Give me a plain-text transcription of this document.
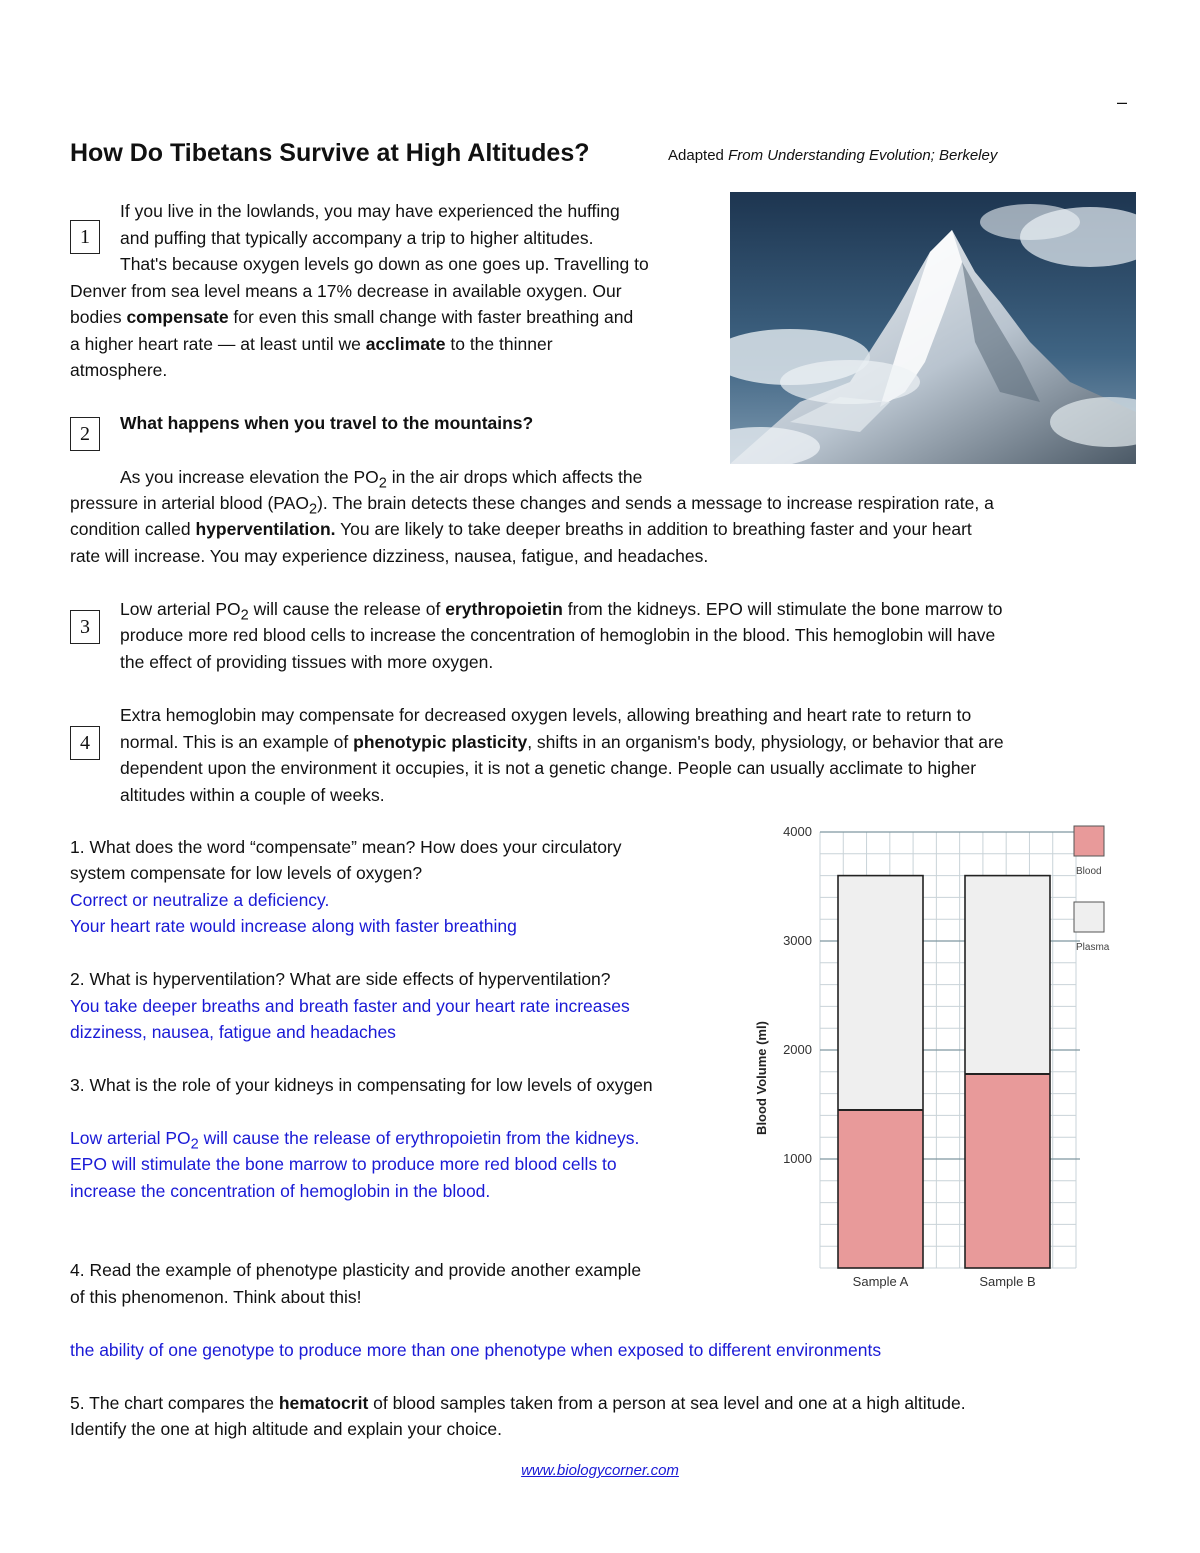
–
How Do Tibetans Survive at High Altitudes?	Adapted From Understanding Evolution; Berkeley
1

If you live in the lowlands, you may have experienced the huffing

and puffing that typically accompany a trip to higher altitudes.

That's because oxygen levels go down as one goes up. Travelling to

Denver from sea level means a 17% decrease in available oxygen. Our

bodies compensate for even this small change with faster breathing and

a higher heart rate — at least until we acclimate to the thinner

atmosphere.

2	What happens when you travel to the mountains?

As you increase elevation the $PO_2$ in the air drops which affects the

pressure in arterial blood $(PAO_2)$. The brain detects these changes and sends a message to increase respiration rate, a

condition called hyperventilation. You are likely to take deeper breaths in addition to breathing faster and your heart

rate will increase. You may experience dizziness, nausea, fatigue, and headaches.

3

Low arterial $PO_2$ will cause the release of erythropoietin from the kidneys. EPO will stimulate the bone marrow to

produce more red blood cells to increase the concentration of hemoglobin in the blood. This hemoglobin will have

the effect of providing tissues with more oxygen.

4

Extra hemoglobin may compensate for decreased oxygen levels, allowing breathing and heart rate to return to

normal. This is an example of phenotypic plasticity, shifts in an organism's body, physiology, or behavior that are

dependent upon the environment it occupies, it is not a genetic change. People can usually acclimate to higher

altitudes within a couple of weeks.

1. What does the word “compensate” mean? How does your circulatory

system compensate for low levels of oxygen?

Correct or neutralize a deficiency.

Your heart rate would increase along with faster breathing

2. What is hyperventilation? What are side effects of hyperventilation?

You take deeper breaths and breath faster and your heart rate increases

dizziness, nausea, fatigue and headaches

3. What is the role of your kidneys in compensating for low levels of oxygen

Low arterial $PO_2$ will cause the release of erythropoietin from the kidneys.

EPO will stimulate the bone marrow to produce more red blood cells to

increase the concentration of hemoglobin in the blood.

4. Read the example of phenotype plasticity and provide another example

of this phenomenon. Think about this!

the ability of one genotype to produce more than one phenotype when exposed to different environments

5. The chart compares the hematocrit of blood samples taken from a person at sea level and one at a high altitude.

Identify the one at high altitude and explain your choice.

Sample A	Sample B
1000
2000
3000
4000
Blood
Plasma
Blood Volume (ml)
www.biologycorner.com
